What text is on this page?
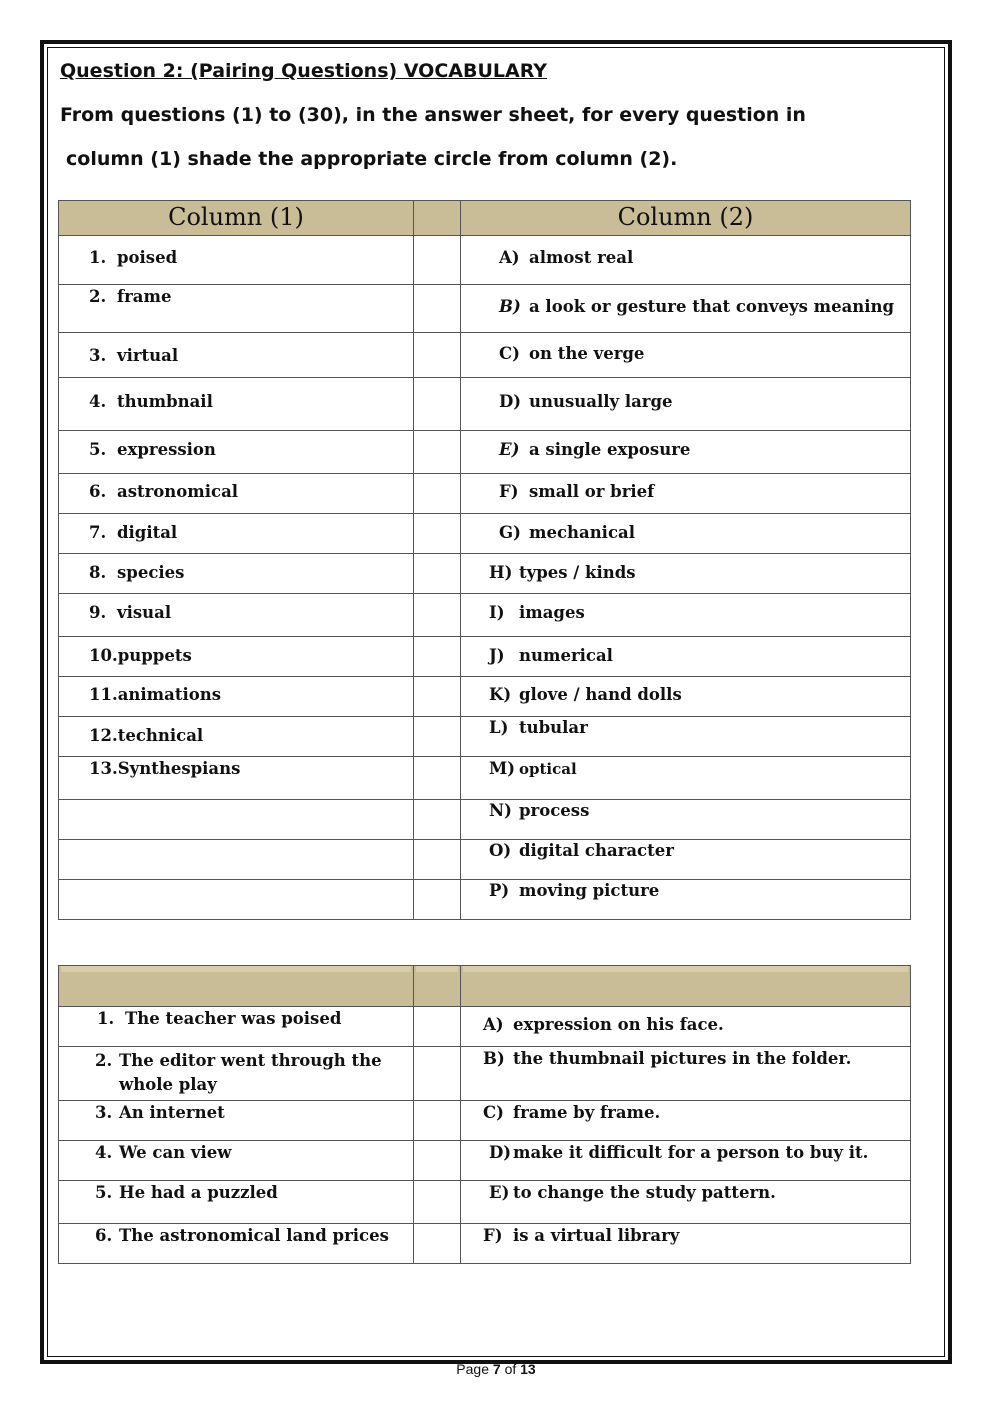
Question 2: (Pairing Questions) VOCABULARY
From questions (1) to (30), in the answer sheet, for every question in
column (1) shade the appropriate circle from column (2).
Column (1)		Column (2)
1. poised		A) almost real
2. frame		B) a look or gesture that conveys meaning
3. virtual		C) on the verge
4. thumbnail		D) unusually large
5. expression		E) a single exposure
6. astronomical		F) small or brief
7. digital		G) mechanical
8. species		H) types / kinds
9. visual		I) images
10.puppets		J) numerical
11.animations		K) glove / hand dolls
12.technical		L) tubular
13.Synthespians		M) optical
		N) process
		O) digital character
		P) moving picture

1. The teacher was poised		A) expression on his face.
2. The editor went through the
whole play		B) the thumbnail pictures in the folder.
3. An internet		C) frame by frame.
4. We can view		D) make it difficult for a person to buy it.
5. He had a puzzled		E) to change the study pattern.
6. The astronomical land prices		F) is a virtual library
Page 7 of 13
